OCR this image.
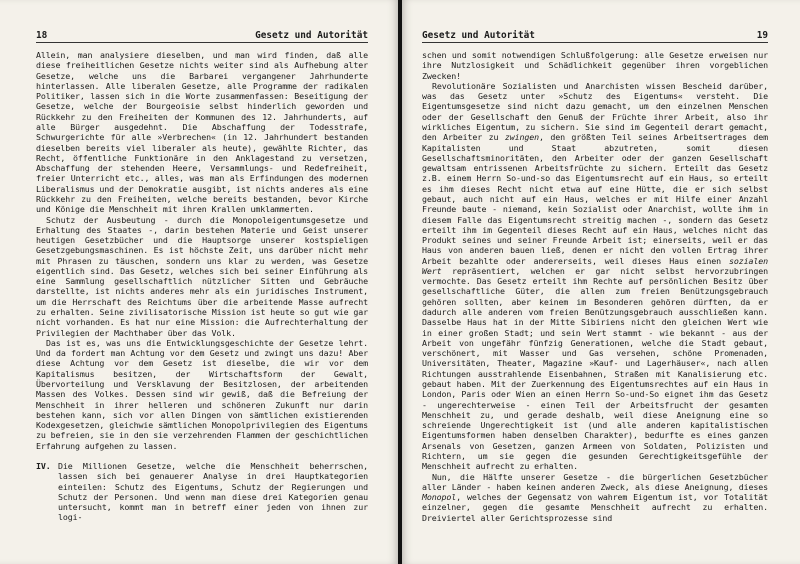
18	Gesetz und Autorität

Allein, man analysiere dieselben, und man wird finden, daß alle diese freiheitlichen Gesetze nichts weiter sind als Aufhebung alter Gesetze, welche uns die Barbarei vergangener Jahrhunderte hinterlassen. Alle liberalen Gesetze, alle Programme der radikalen Politiker, lassen sich in die Worte zusammenfassen: Beseitigung der Gesetze, welche der Bourgeoisie selbst hinderlich geworden und Rückkehr zu den Freiheiten der Kommunen des 12. Jahrhunderts, auf alle Bürger ausgedehnt. Die Abschaffung der Todesstrafe, Schwurgerichte für alle »Verbrechen« (in 12. Jahrhundert bestanden dieselben bereits viel liberaler als heute), gewählte Richter, das Recht, öffentliche Funktionäre in den Anklagestand zu versetzen, Abschaffung der stehenden Heere, Versammlungs- und Redefreiheit, freier Unterricht etc., alles, was man als Erfindungen des modernen Liberalismus und der Demokratie ausgibt, ist nichts anderes als eine Rückkehr zu den Freiheiten, welche bereits bestanden, bevor Kirche und Könige die Menschheit mit ihren Krallen umklammerten.

Schutz der Ausbeutung - durch die Monopoleigentumsgesetze und Erhaltung des Staates -, darin bestehen Materie und Geist unserer heutigen Gesetzbücher und die Hauptsorge unserer kostspieligen Gesetzgebungsmaschinen. Es ist höchste Zeit, uns darüber nicht mehr mit Phrasen zu täuschen, sondern uns klar zu werden, was Gesetze eigentlich sind. Das Gesetz, welches sich bei seiner Einführung als eine Sammlung gesellschaftlich nützlicher Sitten und Gebräuche darstellte, ist nichts anderes mehr als ein juridisches Instrument, um die Herrschaft des Reichtums über die arbeitende Masse aufrecht zu erhalten. Seine zivilisatorische Mission ist heute so gut wie gar nicht vorhanden. Es hat nur eine Mission: die Aufrechterhaltung der Privilegien der Machthaber über das Volk.

Das ist es, was uns die Entwicklungsgeschichte der Gesetze lehrt. Und da fordert man Achtung vor dem Gesetz und zwingt uns dazu! Aber diese Achtung vor dem Gesetz ist dieselbe, die wir vor dem Kapitalismus besitzen, der Wirtschaftsform der Gewalt, Übervorteilung und Versklavung der Besitzlosen, der arbeitenden Massen des Volkes. Dessen sind wir gewiß, daß die Befreiung der Menschheit in ihrer helleren und schöneren Zukunft nur darin bestehen kann, sich vor allen Dingen von sämtlichen existierenden Kodexgesetzen, gleichwie sämtlichen Monopolprivilegien des Eigentums zu befreien, sie in den sie verzehrenden Flammen der geschichtlichen Erfahrung aufgehen zu lassen.

IV. Die Millionen Gesetze, welche die Menschheit beherrschen, lassen sich bei genauerer Analyse in drei Hauptkategorien einteilen: Schutz des Eigentums, Schutz der Regierungen und Schutz der Personen. Und wenn man diese drei Kategorien genau untersucht, kommt man in betreff einer jeden von ihnen zur logi-

Gesetz und Autorität	19

schen und somit notwendigen Schlußfolgerung: alle Gesetze erweisen nur ihre Nutzlosigkeit und Schädlichkeit gegenüber ihren vorgeblichen Zwecken!

Revolutionäre Sozialisten und Anarchisten wissen Bescheid darüber, was das Gesetz unter »Schutz des Eigentums« versteht. Die Eigentumsgesetze sind nicht dazu gemacht, um den einzelnen Menschen oder der Gesellschaft den Genuß der Früchte ihrer Arbeit, also ihr wirkliches Eigentum, zu sichern. Sie sind im Gegenteil derart gemacht, den Arbeiter zu zwingen, den größten Teil seines Arbeitsertrages dem Kapitalisten und Staat abzutreten, somit diesen Gesellschaftsminoritäten, den Arbeiter oder der ganzen Gesellschaft gewaltsam entrissenen Arbeitsfrüchte zu sichern. Erteilt das Gesetz z.B. einem Herrn So-und-so das Eigentumsrecht auf ein Haus, so erteilt es ihm dieses Recht nicht etwa auf eine Hütte, die er sich selbst gebaut, auch nicht auf ein Haus, welches er mit Hilfe einer Anzahl Freunde baute - niemand, kein Sozialist oder Anarchist, wollte ihm in diesem Falle das Eigentumsrecht streitig machen -, sondern das Gesetz erteilt ihm im Gegenteil dieses Recht auf ein Haus, welches nicht das Produkt seines und seiner Freunde Arbeit ist; einerseits, weil er das Haus von anderen bauen ließ, denen er nicht den vollen Ertrag ihrer Arbeit bezahlte oder andererseits, weil dieses Haus einen sozialen Wert repräsentiert, welchen er gar nicht selbst hervorzubringen vermochte. Das Gesetz erteilt ihm Rechte auf persönlichen Besitz über gesellschaftliche Güter, die allen zum freien Benützungsgebrauch gehören sollten, aber keinem im Besonderen gehören dürften, da er dadurch alle anderen vom freien Benützungsgebrauch ausschließen kann. Dasselbe Haus hat in der Mitte Sibiriens nicht den gleichen Wert wie in einer großen Stadt; und sein Wert stammt - wie bekannt - aus der Arbeit von ungefähr fünfzig Generationen, welche die Stadt gebaut, verschönert, mit Wasser und Gas versehen, schöne Promenaden, Universitäten, Theater, Magazine »Kauf- und Lagerhäuser«, nach allen Richtungen ausstrahlende Eisenbahnen, Straßen mit Kanalisierung etc. gebaut haben. Mit der Zuerkennung des Eigentumsrechtes auf ein Haus in London, Paris oder Wien an einen Herrn So-und-So eignet ihm das Gesetz - ungerechterweise - einen Teil der Arbeitsfrucht der gesamten Menschheit zu, und gerade deshalb, weil diese Aneignung eine so schreiende Ungerechtigkeit ist (und alle anderen kapitalistischen Eigentumsformen haben denselben Charakter), bedurfte es eines ganzen Arsenals von Gesetzen, ganzen Armeen von Soldaten, Polizisten und Richtern, um sie gegen die gesunden Gerechtigkeitsgefühle der Menschheit aufrecht zu erhalten.

Nun, die Hälfte unserer Gesetze - die bürgerlichen Gesetzbücher aller Länder - haben keinen anderen Zweck, als diese Aneignung, dieses Monopol, welches der Gegensatz von wahrem Eigentum ist, vor Totalität einzelner, gegen die gesamte Menschheit aufrecht zu erhalten. Dreiviertel aller Gerichtsprozesse sind
